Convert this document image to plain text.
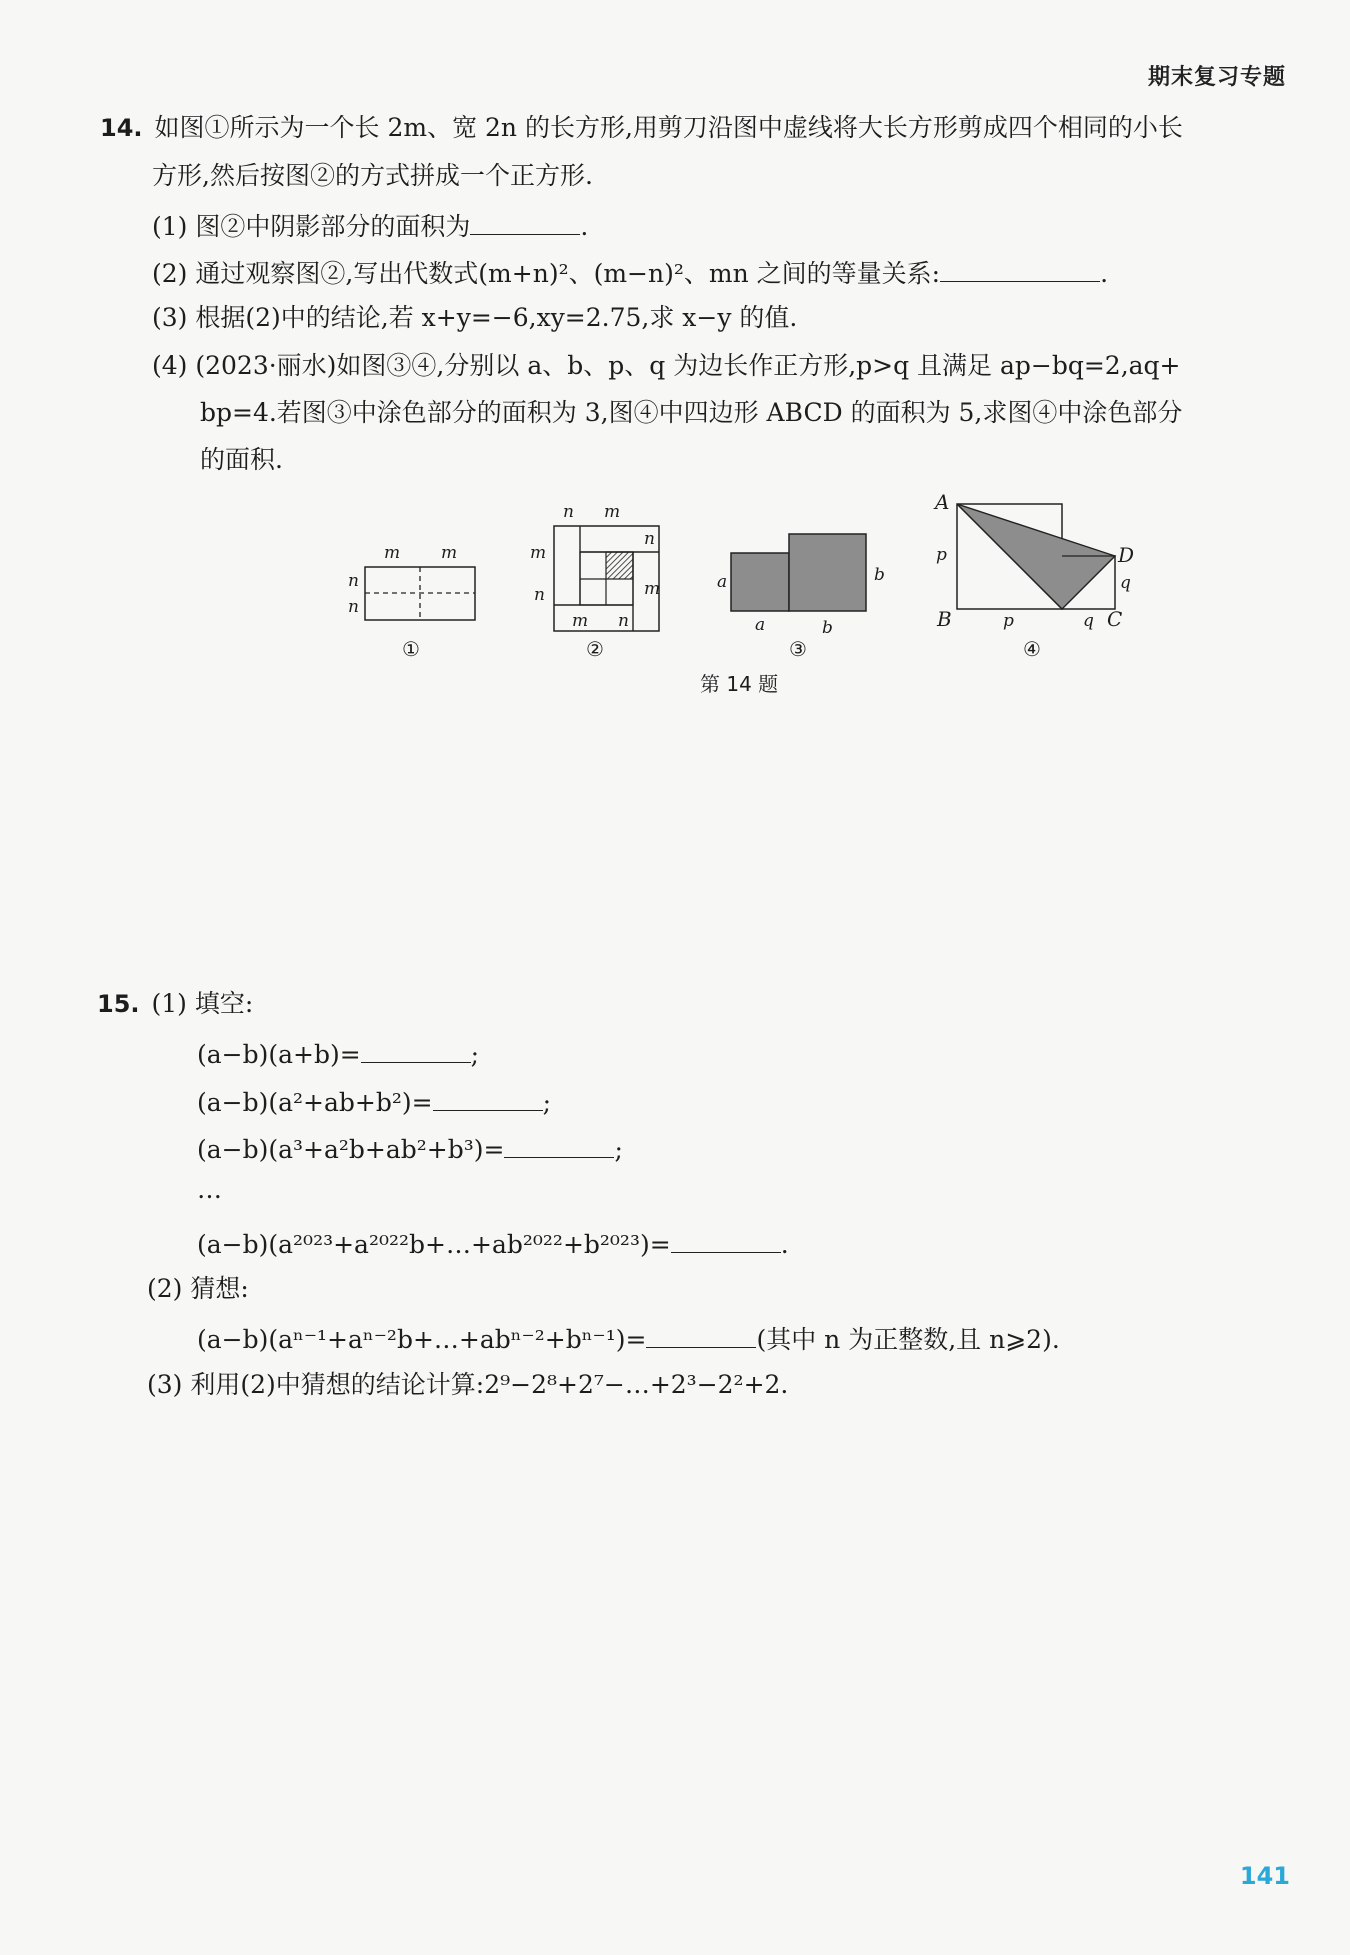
期末复习专题
14. 如图①所示为一个长 2m、宽 2n 的长方形,用剪刀沿图中虚线将大长方形剪成四个相同的小长
方形,然后按图②的方式拼成一个正方形.
(1) 图②中阴影部分的面积为	.
(2) 通过观察图②,写出代数式(m+n)²、(m−n)²、mn 之间的等量关系:	.
(3) 根据(2)中的结论,若 x+y=−6,xy=2.75,求 x−y 的值.
(4) (2023·丽水)如图③④,分别以 a、b、p、q 为边长作正方形,p>q 且满足 ap−bq=2,aq+
bp=4.若图③中涂色部分的面积为 3,图④中四边形 ABCD 的面积为 5,求图④中涂色部分
的面积.
m m
n
n
①
n m
m
n
n	m
m n
②
a	b
a	b
③
A
p	D
q
B	p	q C
④
第 14 题
15. (1) 填空:
(a−b)(a+b)=	;
(a−b)(a²+ab+b²)=	;
(a−b)(a³+a²b+ab²+b³)=	;
…
(a−b)(a²⁰²³+a²⁰²²b+…+ab²⁰²²+b²⁰²³)=	.
(2) 猜想:
(a−b)(aⁿ⁻¹+aⁿ⁻²b+…+abⁿ⁻²+bⁿ⁻¹)=	(其中 n 为正整数,且 n⩾2).
(3) 利用(2)中猜想的结论计算:2⁹−2⁸+2⁷−…+2³−2²+2.
141
